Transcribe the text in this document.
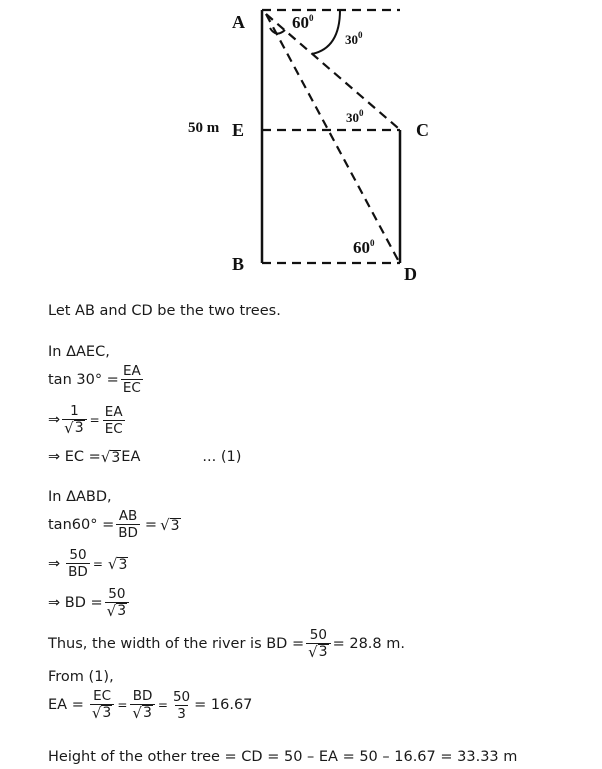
$60^0$
$30^0$
$30^0$
$60^0$
A
50 m E	C
B	D
Let AB and CD be the two trees.
In ΔAEC,
$\tan 30^\circ = \frac{EA}{EC}$
⇒ $\frac{1}{√ 3} = \frac{EA}{EC}$
⇒ EC = √ 3 EA	... (1)
In ΔABD,
$\tan 60^\circ = \frac{AB}{BD}$ = √ 3
⇒ $\frac{50}{BD}$ = √ 3
⇒ BD = $\frac{50}{√ 3}$
Thus, the width of the river is BD = $\frac{50}{√ 3} = 28.8$ m.
From (1),
EA = $\frac{EC}{√ 3} = \frac{BD}{√ 3} = \frac{50}{3} = 16.67$
Height of the other tree = CD = 50 – EA = 50 – 16.67 = 33.33 m
